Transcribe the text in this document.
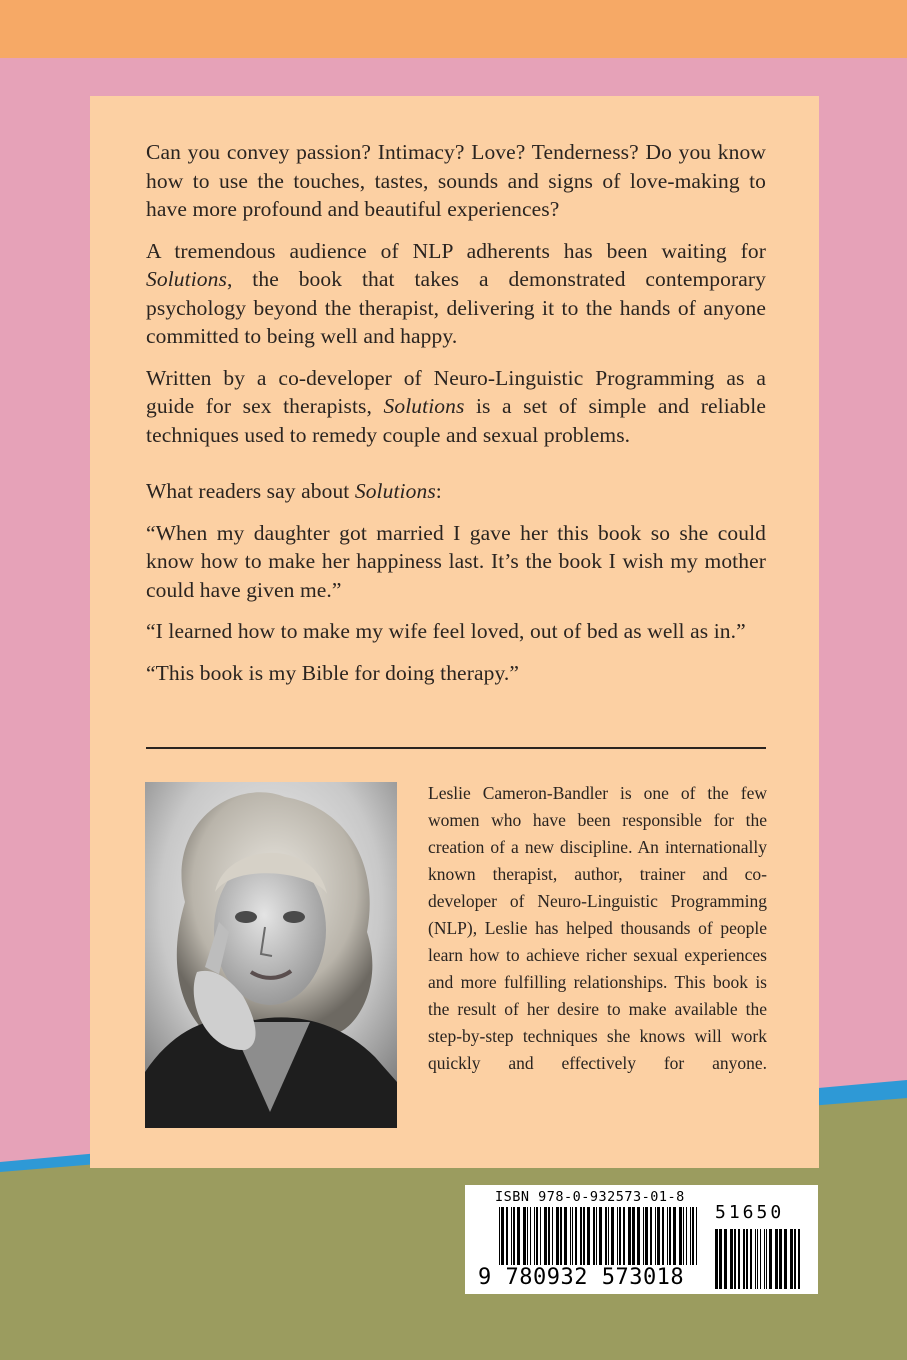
Can you convey passion? Intimacy? Love? Tenderness? Do you know how to use the touches, tastes, sounds and signs of love-making to have more profound and beautiful experiences?

A tremendous audience of NLP adherents has been waiting for Solutions, the book that takes a demonstrated contemporary psychology beyond the therapist, delivering it to the hands of anyone committed to being well and happy.

Written by a co-developer of Neuro-Linguistic Programming as a guide for sex therapists, Solutions is a set of simple and reliable techniques used to remedy couple and sexual problems.

What readers say about Solutions:

“When my daughter got married I gave her this book so she could know how to make her happiness last. It’s the book I wish my mother could have given me.”

“I learned how to make my wife feel loved, out of bed as well as in.”

“This book is my Bible for doing therapy.”

Leslie Cameron-Bandler is one of the few women who have been responsible for the creation of a new discipline. An internationally known therapist, author, trainer and co-developer of Neuro-Linguistic Programming (NLP), Leslie has helped thousands of people learn how to achieve richer sexual experiences and more fulfilling relationships. This book is the result of her desire to make available the step-by-step techniques she knows will work quickly and effectively for anyone.

ISBN 978-0-932573-01-8
51650
9 780932 573018
